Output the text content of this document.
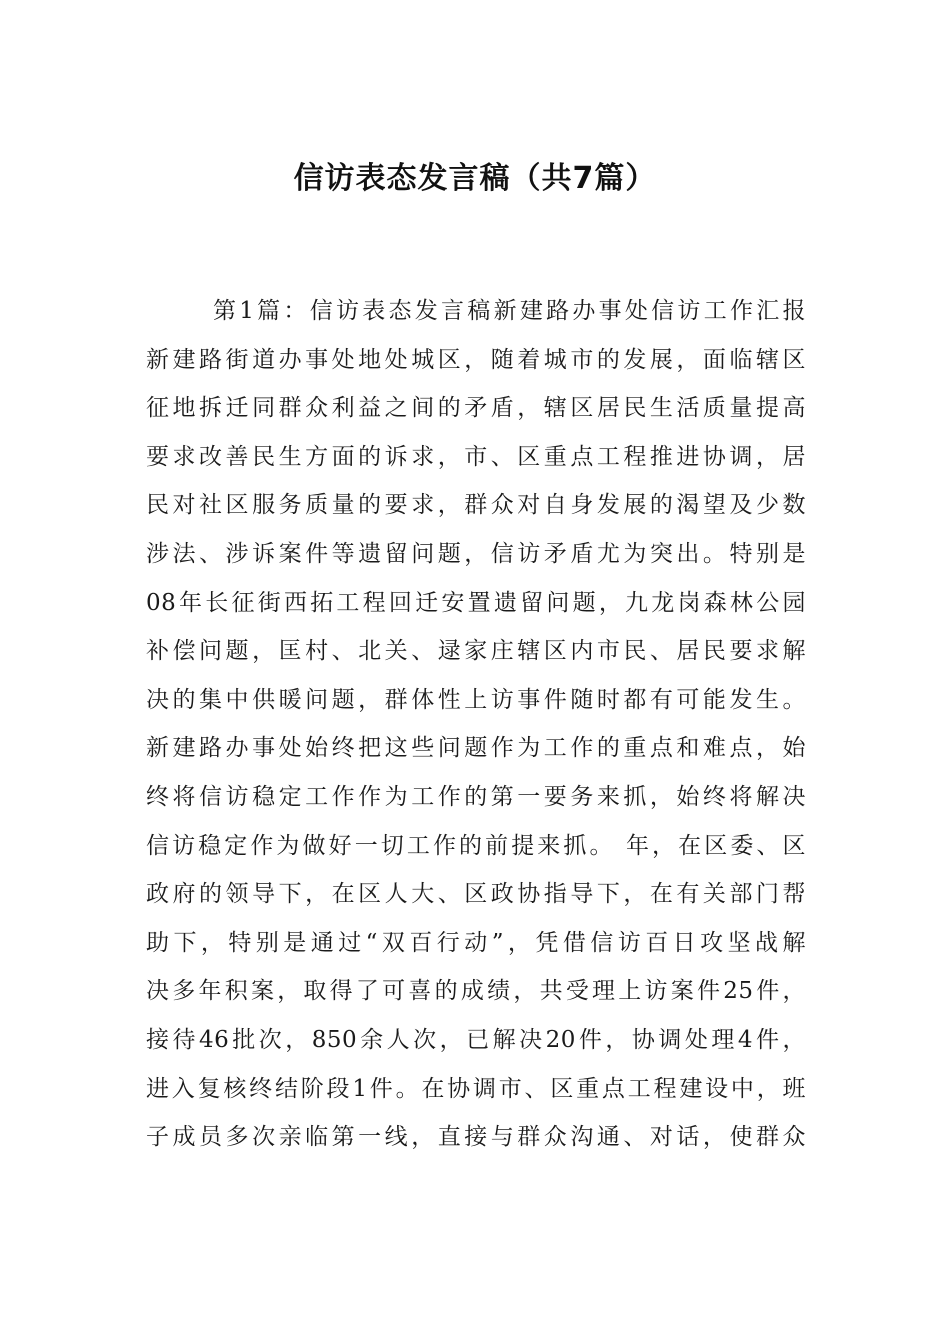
信访表态发言稿（共7篇）
第1篇：信访表态发言稿新建路办事处信访工作汇报
新建路街道办事处地处城区，随着城市的发展，面临辖区
征地拆迁同群众利益之间的矛盾，辖区居民生活质量提高
要求改善民生方面的诉求，市、区重点工程推进协调，居
民对社区服务质量的要求，群众对自身发展的渴望及少数
涉法、涉诉案件等遗留问题，信访矛盾尤为突出。特别是
08年长征街西拓工程回迁安置遗留问题，九龙岗森林公园
补偿问题，匡村、北关、逯家庄辖区内市民、居民要求解
决的集中供暖问题，群体性上访事件随时都有可能发生。
新建路办事处始终把这些问题作为工作的重点和难点，始
终将信访稳定工作作为工作的第一要务来抓，始终将解决
信访稳定作为做好一切工作的前提来抓。 年，在区委、区
政府的领导下，在区人大、区政协指导下，在有关部门帮
助下，特别是通过“双百行动”，凭借信访百日攻坚战解
决多年积案，取得了可喜的成绩，共受理上访案件25件，
接待46批次，850余人次，已解决20件，协调处理4件，
进入复核终结阶段1件。在协调市、区重点工程建设中，班
子成员多次亲临第一线，直接与群众沟通、对话，使群众
